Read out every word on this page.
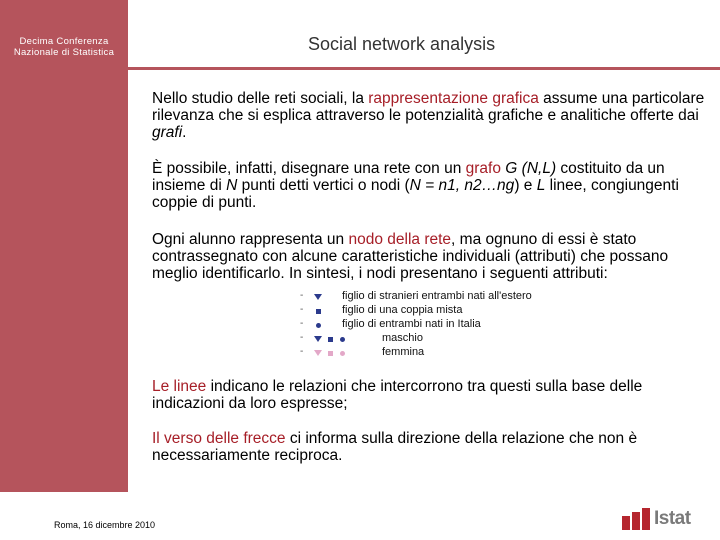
Decima Conferenza
Nazionale di Statistica	Social network analysis
Nello studio delle reti sociali, la rappresentazione grafica assume una particolare rilevanza che si esplica attraverso le potenzialità grafiche e analitiche offerte dai grafi.
È possibile, infatti, disegnare una rete con un grafo G (N,L) costituito da un insieme di N punti detti vertici o nodi (N = n1, n2…ng) e L linee, congiungenti coppie di punti.
Ogni alunno rappresenta un nodo della rete, ma ognuno di essi è stato contrassegnato con alcune caratteristiche individuali (attributi) che possano meglio identificarlo. In sintesi, i nodi presentano i seguenti attributi:
-	figlio di stranieri entrambi nati all'estero
-	figlio di una coppia mista
-	figlio di entrambi nati in Italia
-	maschio
-	femmina
Le linee indicano le relazioni che intercorrono tra questi sulla base delle indicazioni da loro espresse;
Il verso delle frecce ci informa sulla direzione della relazione che non è necessariamente reciproca.
Roma, 16 dicembre 2010	Istat
